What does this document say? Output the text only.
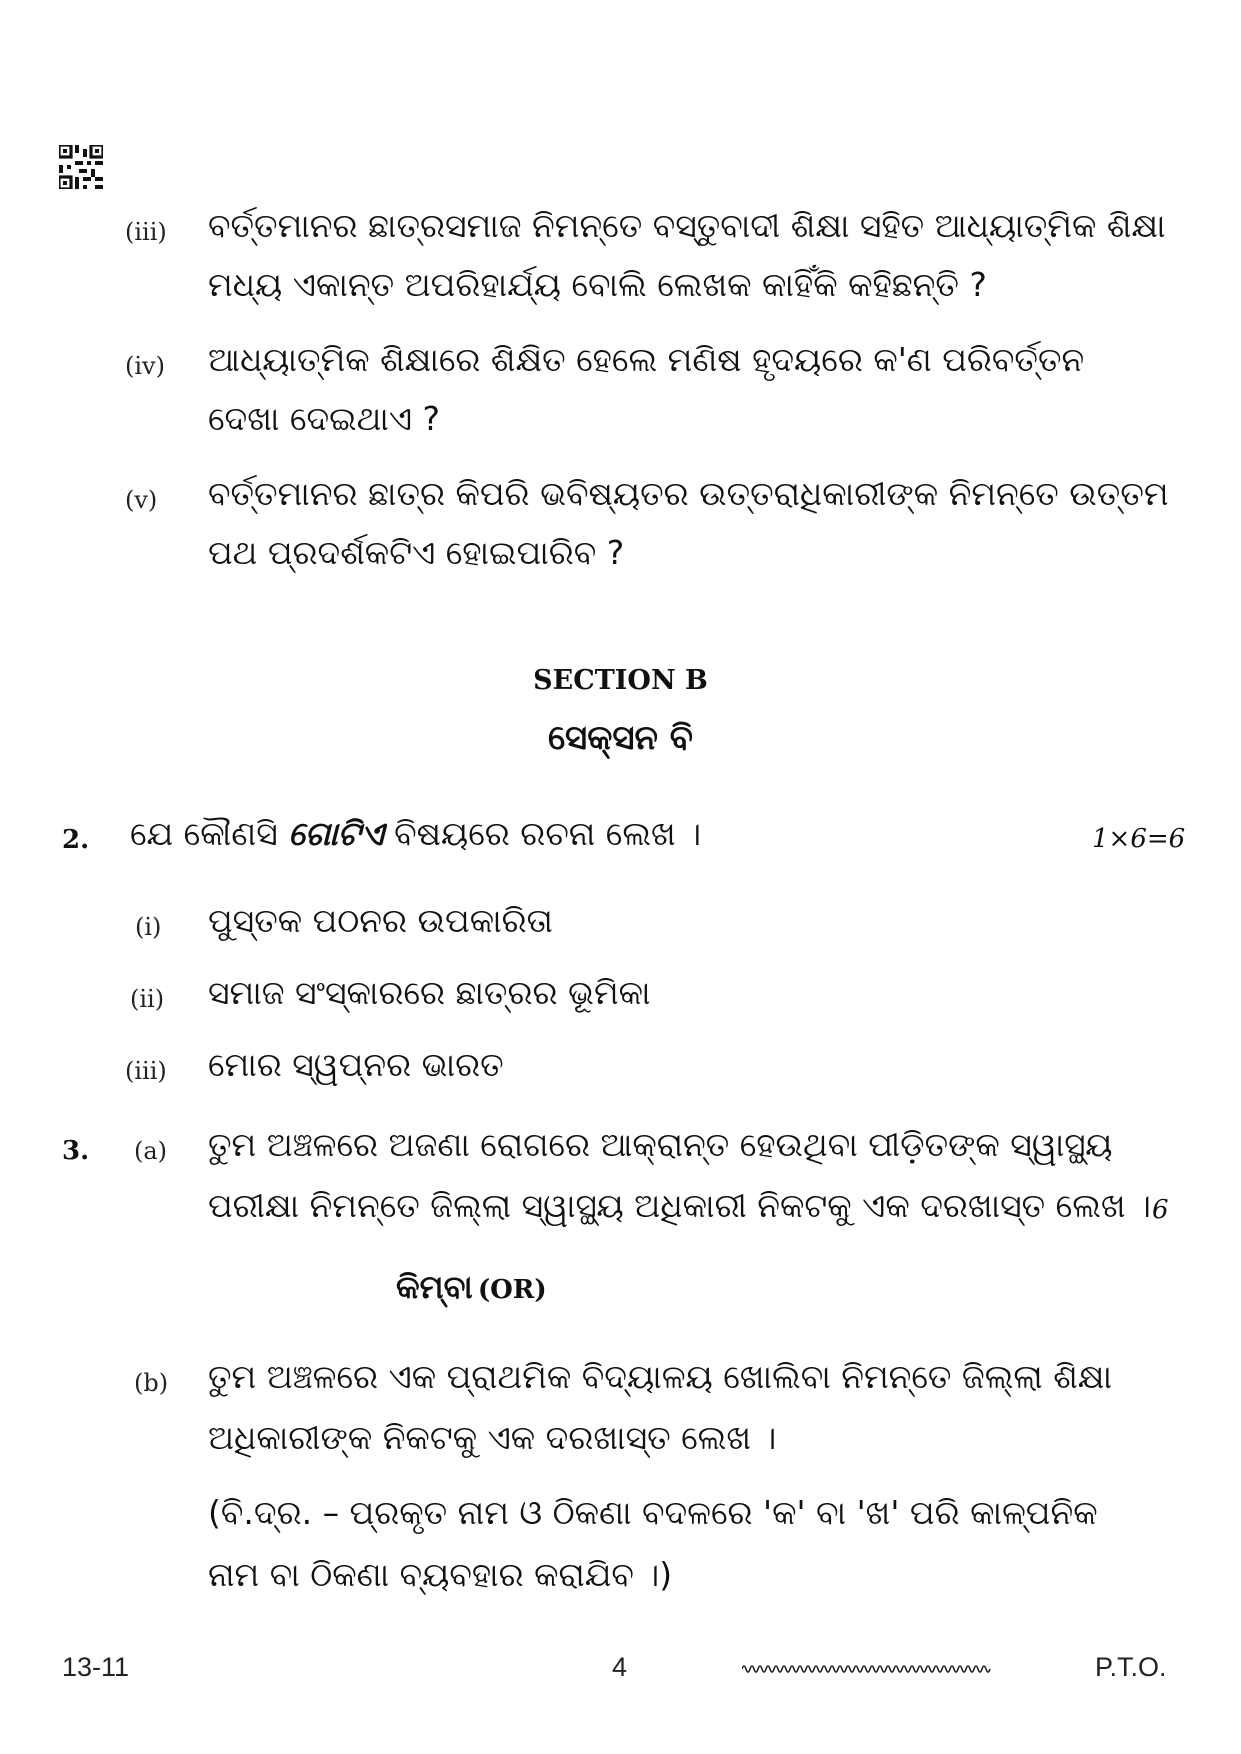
(iii) ବର୍ତ୍ତମାନର ଛାତ୍ରସମାଜ ନିମନ୍ତେ ବସ୍ତୁବାଦୀ ଶିକ୍ଷା ସହିତ ଆଧ୍ୟାତ୍ମିକ ଶିକ୍ଷା
ମଧ୍ୟ ଏକାନ୍ତ ଅପରିହାର୍ଯ୍ୟ ବୋଲି ଲେଖକ କାହିଁକି କହିଛନ୍ତି ?
(iv) ଆଧ୍ୟାତ୍ମିକ ଶିକ୍ଷାରେ ଶିକ୍ଷିତ ହେଲେ ମଣିଷ ହୃଦୟରେ କ'ଣ ପରିବର୍ତ୍ତନ
ଦେଖା ଦେଇଥାଏ ?
(v) ବର୍ତ୍ତମାନର ଛାତ୍ର କିପରି ଭବିଷ୍ୟତର ଉତ୍ତରାଧିକାରୀଙ୍କ ନିମନ୍ତେ ଉତ୍ତମ
ପଥ ପ୍ରଦର୍ଶକଟିଏ ହୋଇପାରିବ ?
SECTION B
ସେକ୍ସନ ବି
2. ଯେ କୌଣସି ଗୋଟିଏ ବିଷୟରେ ରଚନା ଲେଖ ।	1×6=6
(i) ପୁସ୍ତକ ପଠନର ଉପକାରିତା
(ii) ସମାଜ ସଂସ୍କାରରେ ଛାତ୍ରର ଭୂମିକା
(iii) ମୋର ସ୍ୱପ୍ନର ଭାରତ
3. (a) ତୁମ ଅଞ୍ଚଳରେ ଅଜଣା ରୋଗରେ ଆକ୍ରାନ୍ତ ହେଉଥିବା ପୀଡ଼ିତଙ୍କ ସ୍ୱାସ୍ଥ୍ୟ
ପରୀକ୍ଷା ନିମନ୍ତେ ଜିଲ୍ଲା ସ୍ୱାସ୍ଥ୍ୟ ଅଧିକାରୀ ନିକଟକୁ ଏକ ଦରଖାସ୍ତ ଲେଖ । 6
କିମ୍ବା (OR)
(b) ତୁମ ଅଞ୍ଚଳରେ ଏକ ପ୍ରାଥମିକ ବିଦ୍ୟାଳୟ ଖୋଲିବା ନିମନ୍ତେ ଜିଲ୍ଲା ଶିକ୍ଷା
ଅଧିକାରୀଙ୍କ ନିକଟକୁ ଏକ ଦରଖାସ୍ତ ଲେଖ ।
(ବି.ଦ୍ର. – ପ୍ରକୃତ ନାମ ଓ ଠିକଣା ବଦଳରେ 'କ' ବା 'ଖ' ପରି କାଳ୍ପନିକ
ନାମ ବା ଠିକଣା ବ୍ୟବହାର କରାଯିବ ।)
13-11	4	P.T.O.
